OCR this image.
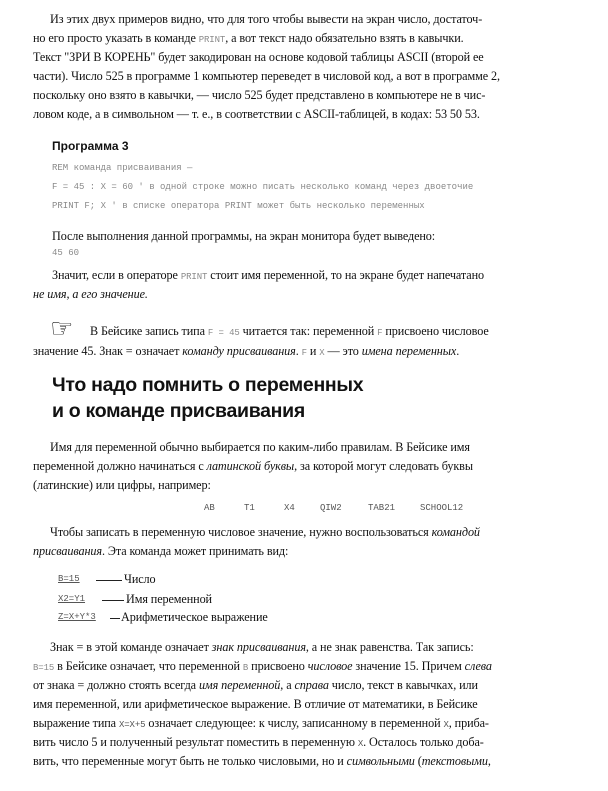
Из этих двух примеров видно, что для того чтобы вывести на экран число, достаточ-
но его просто указать в команде PRINT, а вот текст надо обязательно взять в кавычки.
Текст "ЗРИ В КОРЕНЬ" будет закодирован на основе кодовой таблицы ASCII (второй ее
части). Число 525 в программе 1 компьютер переведет в числовой код, а вот в программе 2,
поскольку оно взято в кавычки, — число 525 будет представлено в компьютере не в чис-
ловом коде, а в символьном — т. е., в соответствии с ASCII-таблицей, в кодах: 53 50 53.
Программа 3
REM команда присваивания —
F = 45 : X = 60 ' в одной строке можно писать несколько команд через двоеточие
PRINT F; X ' в списке оператора PRINT может быть несколько переменных
После выполнения данной программы, на экран монитора будет выведено:
45 60
Значит, если в операторе PRINT стоит имя переменной, то на экране будет напечатано
не имя, а его значение.
☞ В Бейсике запись типа F = 45 читается так: переменной F присвоено числовое
значение 45. Знак = означает команду присваивания. F и X — это имена переменных.
Что надо помнить о переменных
и о команде присваивания
Имя для переменной обычно выбирается по каким-либо правилам. В Бейсике имя
переменной должно начинаться с латинской буквы, за которой могут следовать буквы
(латинские) или цифры, например:
AB	T1	X4	QIW2	TAB21	SCHOOL12
Чтобы записать в переменную числовое значение, нужно воспользоваться командой
присваивания. Эта команда может принимать вид:
B=15	Число
X2=Y1	Имя переменной
Z=X+Y*3	Арифметическое выражение
Знак = в этой команде означает знак присваивания, а не знак равенства. Так запись:
B=15 в Бейсике означает, что переменной B присвоено числовое значение 15. Причем слева
от знака = должно стоять всегда имя переменной, а справа число, текст в кавычках, или
имя переменной, или арифметическое выражение. В отличие от математики, в Бейсике
выражение типа X=X+5 означает следующее: к числу, записанному в переменной X, приба-
вить число 5 и полученный результат поместить в переменную X. Осталось только доба-
вить, что переменные могут быть не только числовыми, но и символьными (текстовыми,
